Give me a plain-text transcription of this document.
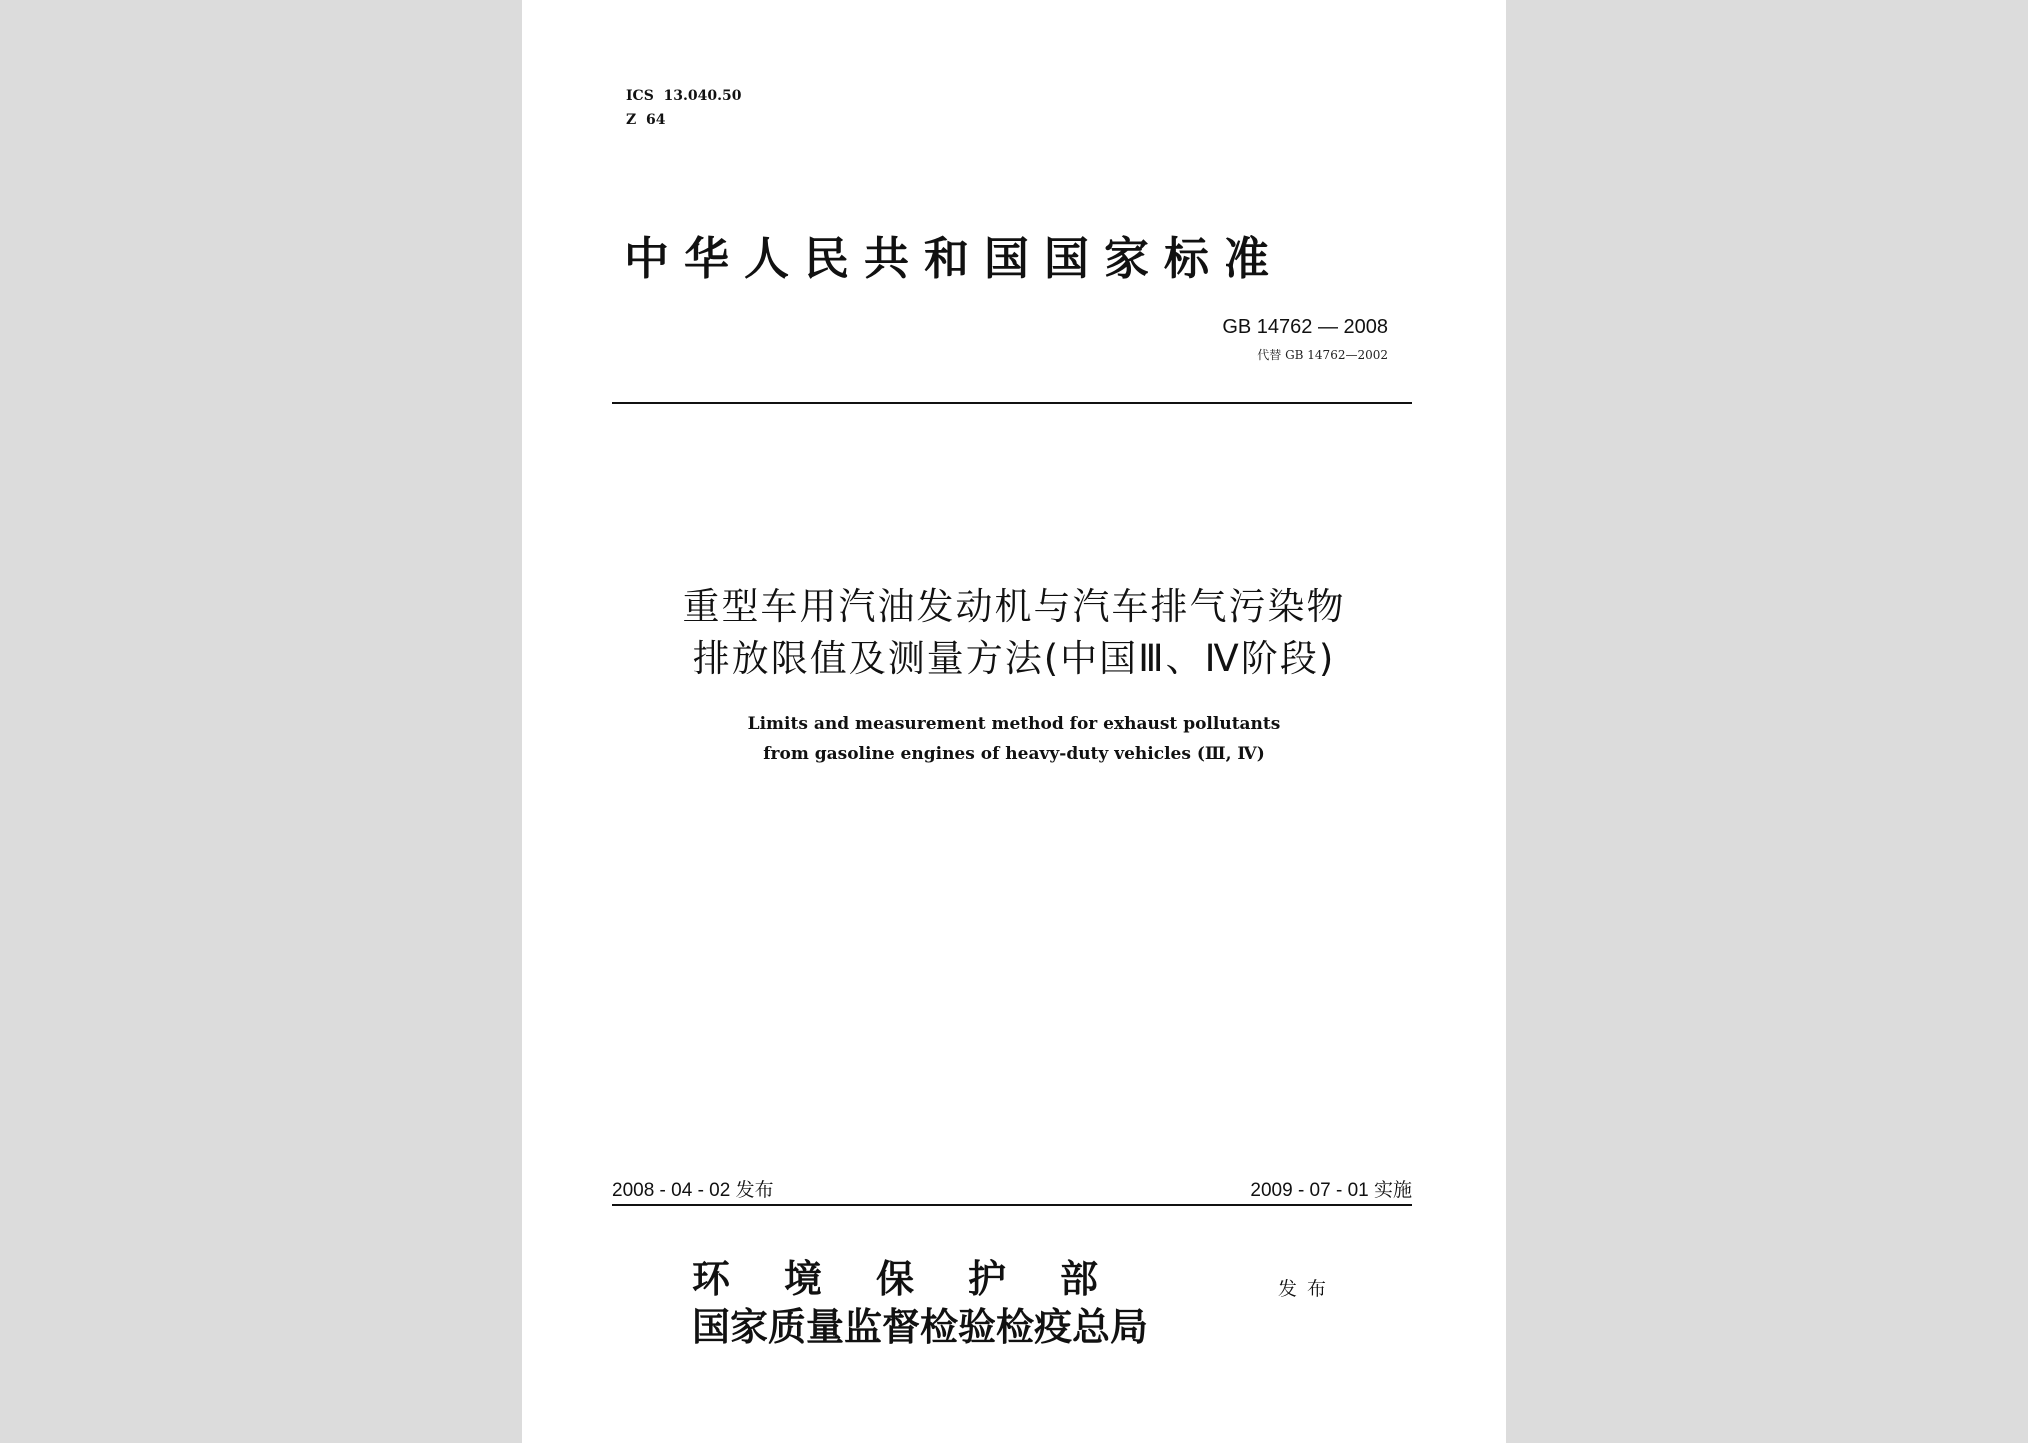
ICS  13.040.50
Z  64
中华人民共和国国家标准
GB 14762 — 2008
代替 GB 14762—2002
重型车用汽油发动机与汽车排气污染物
排放限值及测量方法(中国Ⅲ、Ⅳ阶段)
Limits and measurement method for exhaust pollutants
from gasoline engines of heavy-duty vehicles (Ⅲ, Ⅳ)
2008 - 04 - 02 发布	2009 - 07 - 01 实施
环境保护部
国家质量监督检验检疫总局
发布
